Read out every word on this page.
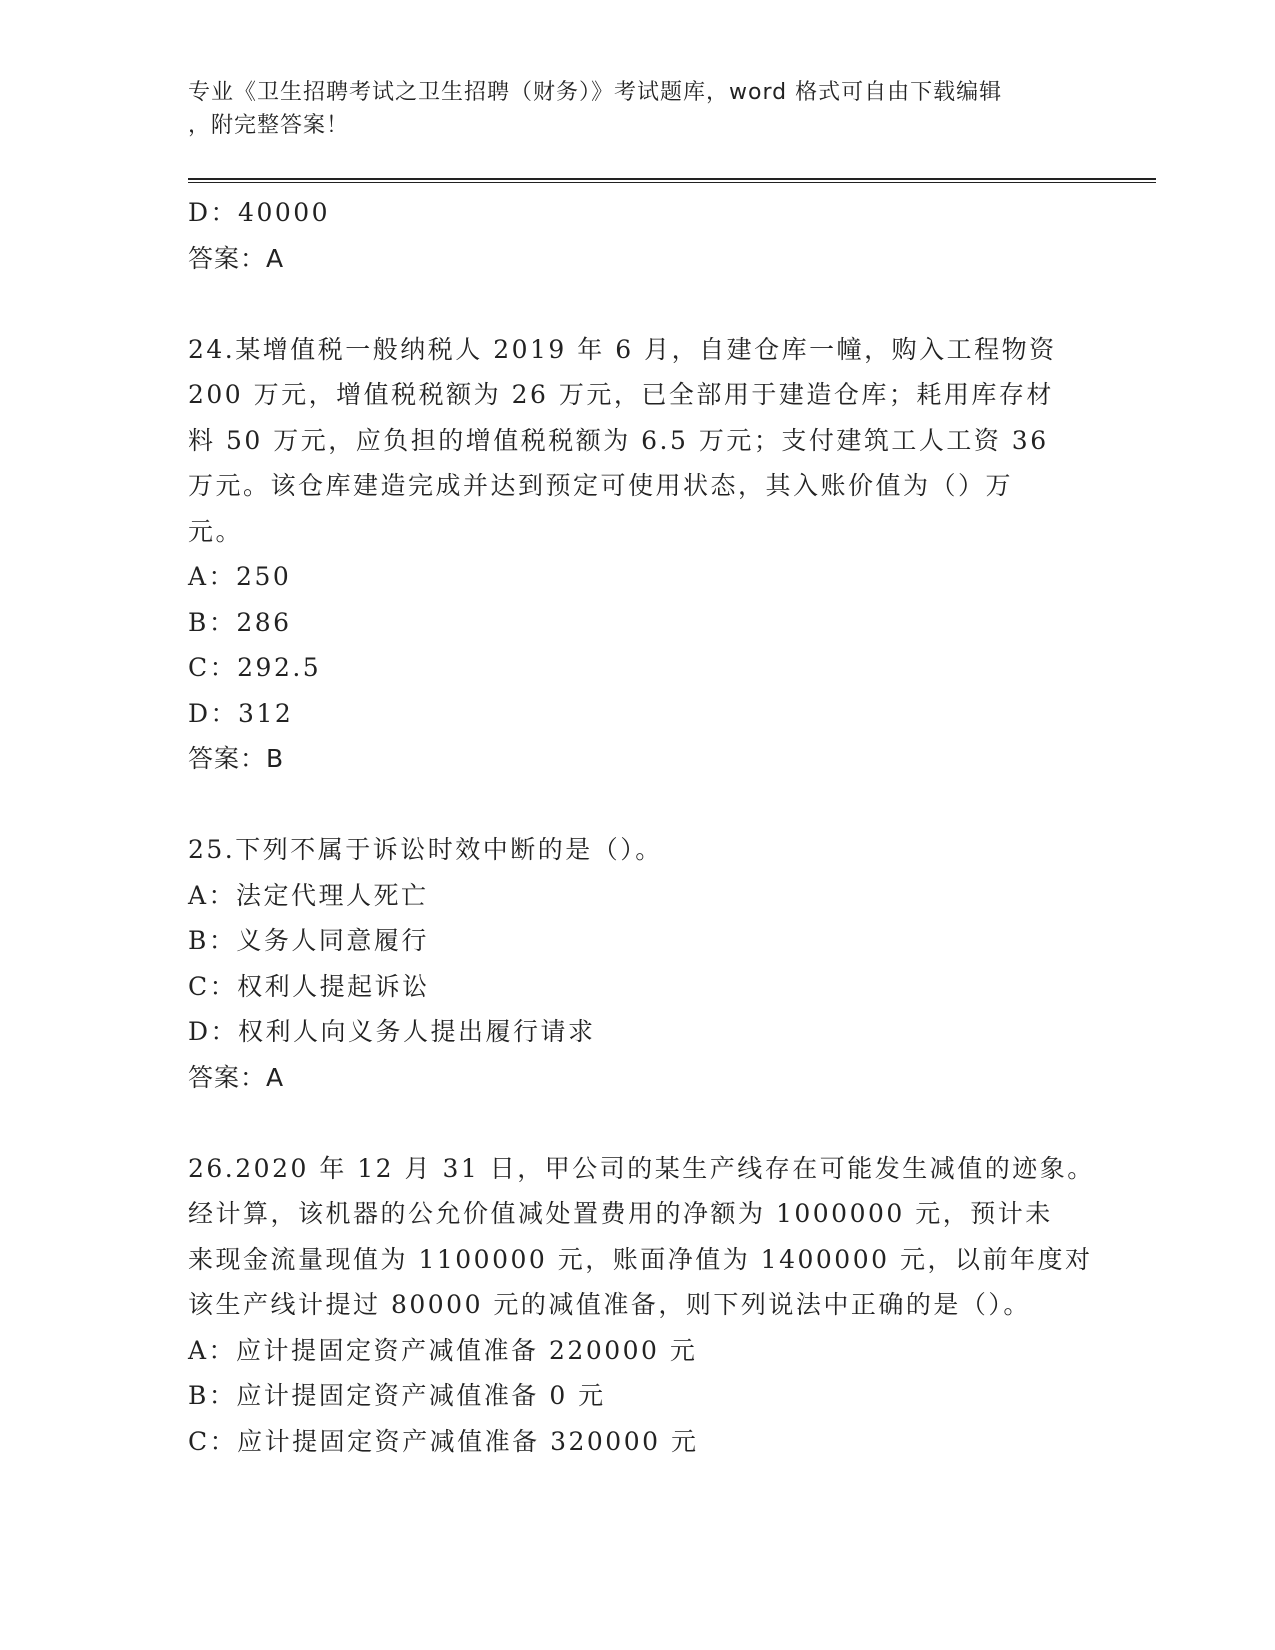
专业《卫生招聘考试之卫生招聘（财务）》考试题库，word 格式可自由下载编辑
，附完整答案！
D：40000
答案：A
24.某增值税一般纳税人 2019 年 6 月，自建仓库一幢，购入工程物资
200 万元，增值税税额为 26 万元，已全部用于建造仓库；耗用库存材
料 50 万元，应负担的增值税税额为 6.5 万元；支付建筑工人工资 36
万元。该仓库建造完成并达到预定可使用状态，其入账价值为（）万
元。
A：250
B：286
C：292.5
D：312
答案：B
25.下列不属于诉讼时效中断的是（）。
A：法定代理人死亡
B：义务人同意履行
C：权利人提起诉讼
D：权利人向义务人提出履行请求
答案：A
26.2020 年 12 月 31 日，甲公司的某生产线存在可能发生减值的迹象。
经计算，该机器的公允价值减处置费用的净额为 1000000 元，预计未
来现金流量现值为 1100000 元，账面净值为 1400000 元，以前年度对
该生产线计提过 80000 元的减值准备，则下列说法中正确的是（）。
A：应计提固定资产减值准备 220000 元
B：应计提固定资产减值准备 0 元
C：应计提固定资产减值准备 320000 元
